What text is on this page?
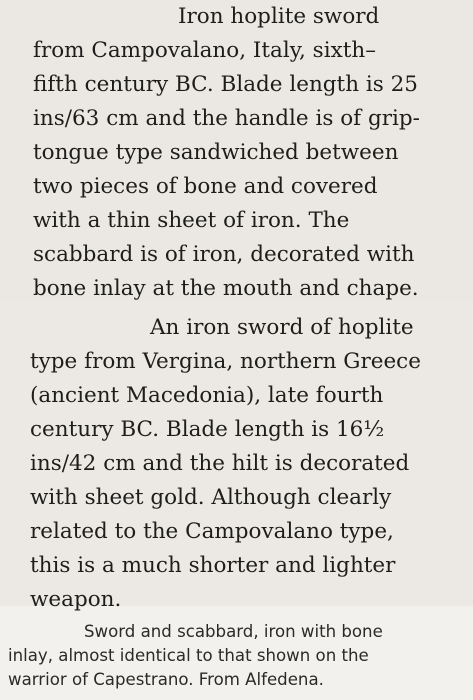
Iron hoplite sword
from Campovalano, Italy, sixth–
fifth century BC. Blade length is 25
ins/63 cm and the handle is of grip-
tongue type sandwiched between
two pieces of bone and covered
with a thin sheet of iron. The
scabbard is of iron, decorated with
bone inlay at the mouth and chape.

An iron sword of hoplite
type from Vergina, northern Greece
(ancient Macedonia), late fourth
century BC. Blade length is 16½
ins/42 cm and the hilt is decorated
with sheet gold. Although clearly
related to the Campovalano type,
this is a much shorter and lighter
weapon.

Sword and scabbard, iron with bone
inlay, almost identical to that shown on the
warrior of Capestrano. From Alfedena.
